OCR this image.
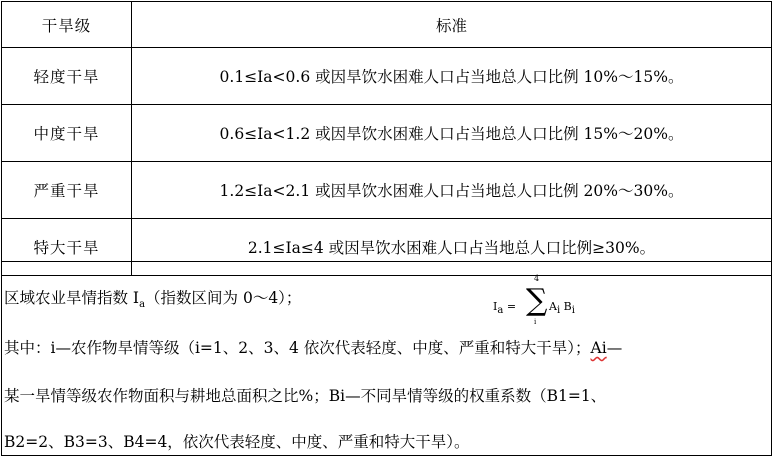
干旱级	标准
轻度干旱	0.1≤Ia<0.6 或因旱饮水困难人口占当地总人口比例 10%～15%。
中度干旱	0.6≤Ia<1.2 或因旱饮水困难人口占当地总人口比例 15%～20%。
严重干旱	1.2≤Ia<2.1 或因旱饮水困难人口占当地总人口比例 20%～30%。
特大干旱	2.1≤Ia≤4 或因旱饮水困难人口占当地总人口比例≥30%。
区域农业旱情指数 $I_a$（指数区间为 0～4）；	$I_a$ =
4
∑
i
$A_i$ $B_i$
其中：i—农作物旱情等级（i=1、2、3、4 依次代表轻度、中度、严重和特大干旱）；Ai—
某一旱情等级农作物面积与耕地总面积之比%；Bi—不同旱情等级的权重系数（B1=1、
B2=2、B3=3、B4=4，依次代表轻度、中度、严重和特大干旱）。
